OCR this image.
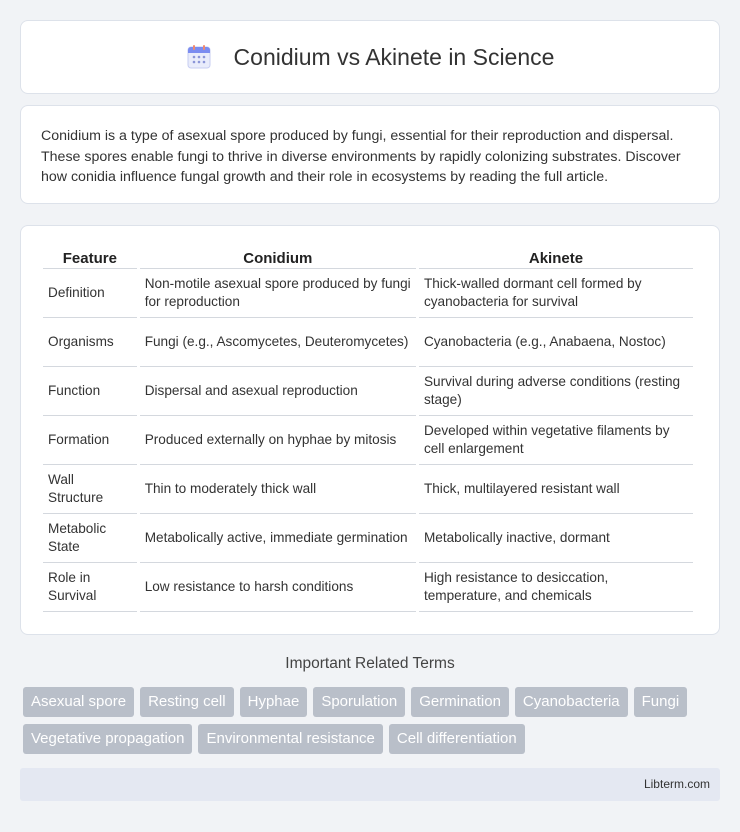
Conidium vs Akinete in Science

Conidium is a type of asexual spore produced by fungi, essential for their reproduction and dispersal. These spores enable fungi to thrive in diverse environments by rapidly colonizing substrates. Discover how conidia influence fungal growth and their role in ecosystems by reading the full article.

Feature	Conidium	Akinete
Definition	Non-motile asexual spore produced by fungi for reproduction	Thick-walled dormant cell formed by cyanobacteria for survival
Organisms	Fungi (e.g., Ascomycetes, Deuteromycetes)	Cyanobacteria (e.g., Anabaena, Nostoc)
Function	Dispersal and asexual reproduction	Survival during adverse conditions (resting stage)
Formation	Produced externally on hyphae by mitosis	Developed within vegetative filaments by cell enlargement
Wall Structure	Thin to moderately thick wall	Thick, multilayered resistant wall
Metabolic State	Metabolically active, immediate germination	Metabolically inactive, dormant
Role in Survival	Low resistance to harsh conditions	High resistance to desiccation, temperature, and chemicals
Important Related Terms
Asexual spore	Resting cell	Hyphae	Sporulation	Germination	Cyanobacteria	Fungi
Vegetative propagation	Environmental resistance	Cell differentiation
Libterm.com
